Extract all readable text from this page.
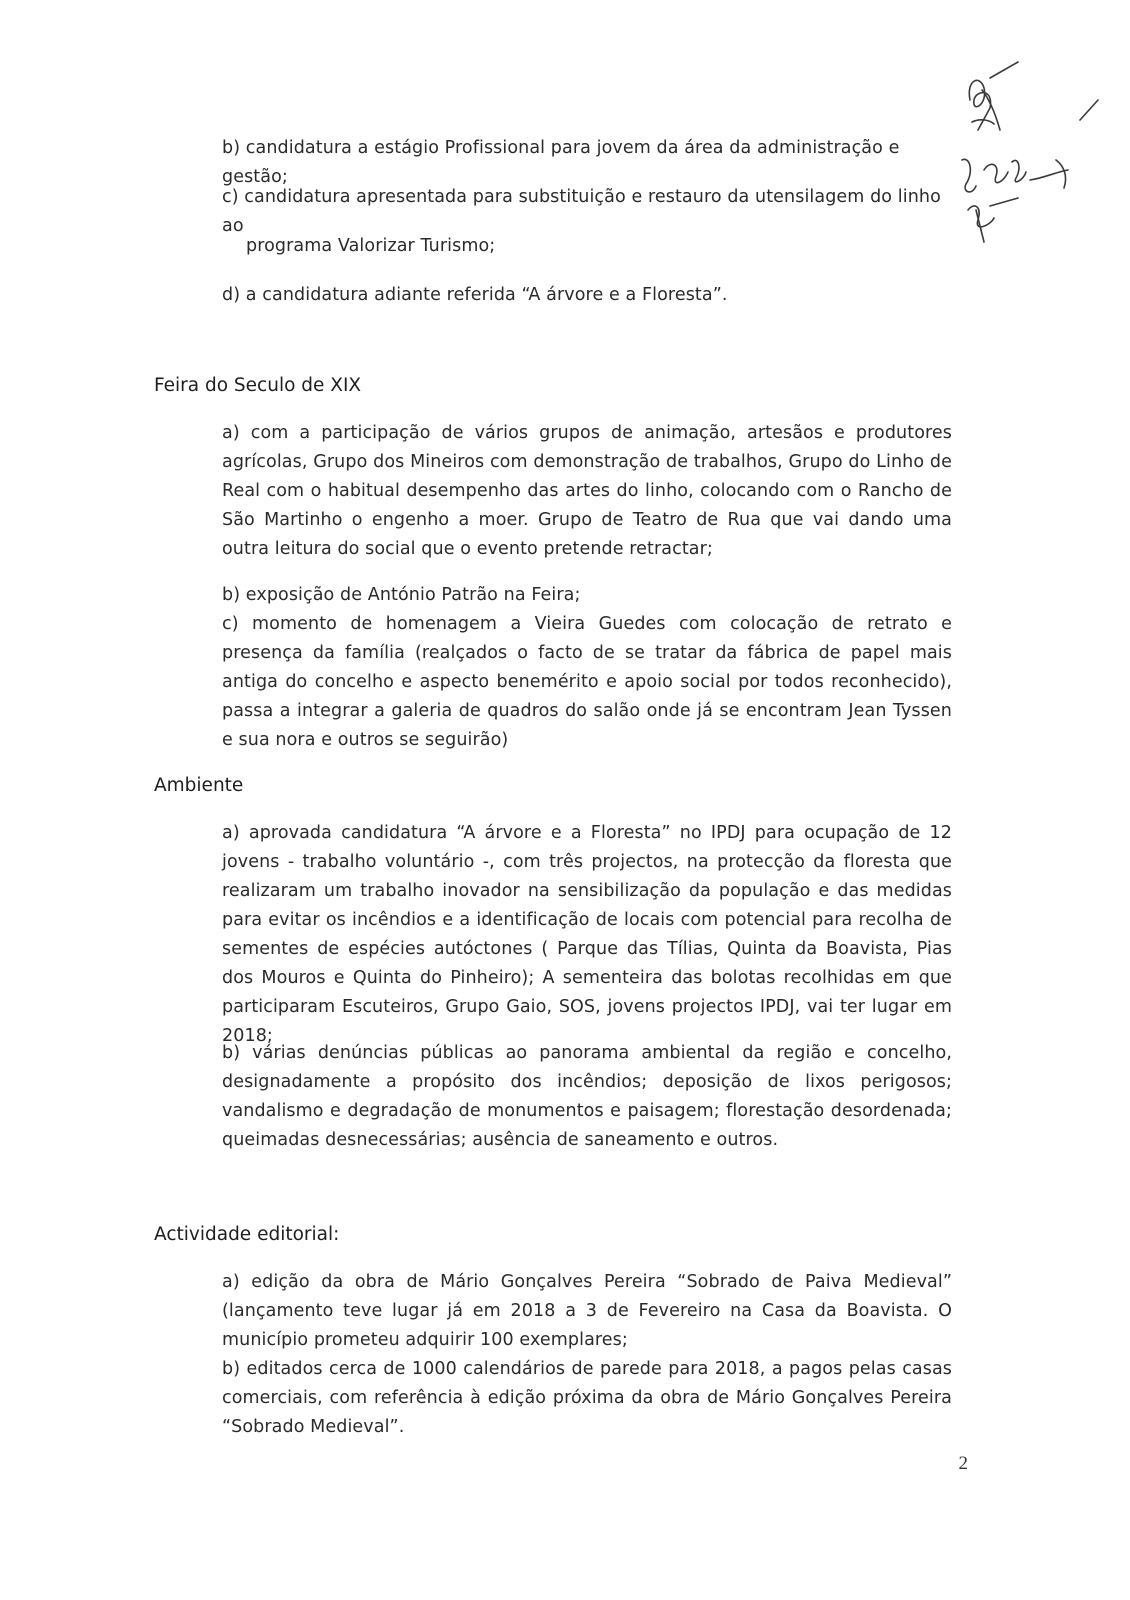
b) candidatura a estágio Profissional para jovem da área da administração e gestão;

c) candidatura apresentada para substituição e restauro da utensilagem do linho ao

programa Valorizar Turismo;

d) a candidatura adiante referida “A árvore e a Floresta”.

Feira do Seculo de XIX

a) com a participação de vários grupos de animação, artesãos e produtores agrícolas, Grupo dos Mineiros com demonstração de trabalhos, Grupo do Linho de Real com o habitual desempenho das artes do linho, colocando com o Rancho de São Martinho o engenho a moer. Grupo de Teatro de Rua que vai dando uma outra leitura do social que o evento pretende retractar;

b) exposição de António Patrão na Feira;

c) momento de homenagem a Vieira Guedes com colocação de retrato e presença da família (realçados o facto de se tratar da fábrica de papel mais antiga do concelho e aspecto benemérito e apoio social por todos reconhecido), passa a integrar a galeria de quadros do salão onde já se encontram Jean Tyssen e sua nora e outros se seguirão)

Ambiente

a) aprovada candidatura “A árvore e a Floresta” no IPDJ para ocupação de 12 jovens - trabalho voluntário -, com três projectos, na protecção da floresta que realizaram um trabalho inovador na sensibilização da população e das medidas para evitar os incêndios e a identificação de locais com potencial para recolha de sementes de espécies autóctones ( Parque das Tílias, Quinta da Boavista, Pias dos Mouros e Quinta do Pinheiro); A sementeira das bolotas recolhidas em que participaram Escuteiros, Grupo Gaio, SOS, jovens projectos IPDJ, vai ter lugar em 2018;

b) várias denúncias públicas ao panorama ambiental da região e concelho, designadamente a propósito dos incêndios; deposição de lixos perigosos; vandalismo e degradação de monumentos e paisagem; florestação desordenada; queimadas desnecessárias; ausência de saneamento e outros.

Actividade editorial:

a) edição da obra de Mário Gonçalves Pereira “Sobrado de Paiva Medieval” (lançamento teve lugar já em 2018 a 3 de Fevereiro na Casa da Boavista. O município prometeu adquirir 100 exemplares;

b) editados cerca de 1000 calendários de parede para 2018, a pagos pelas casas comerciais, com referência à edição próxima da obra de Mário Gonçalves Pereira “Sobrado Medieval”.

2
